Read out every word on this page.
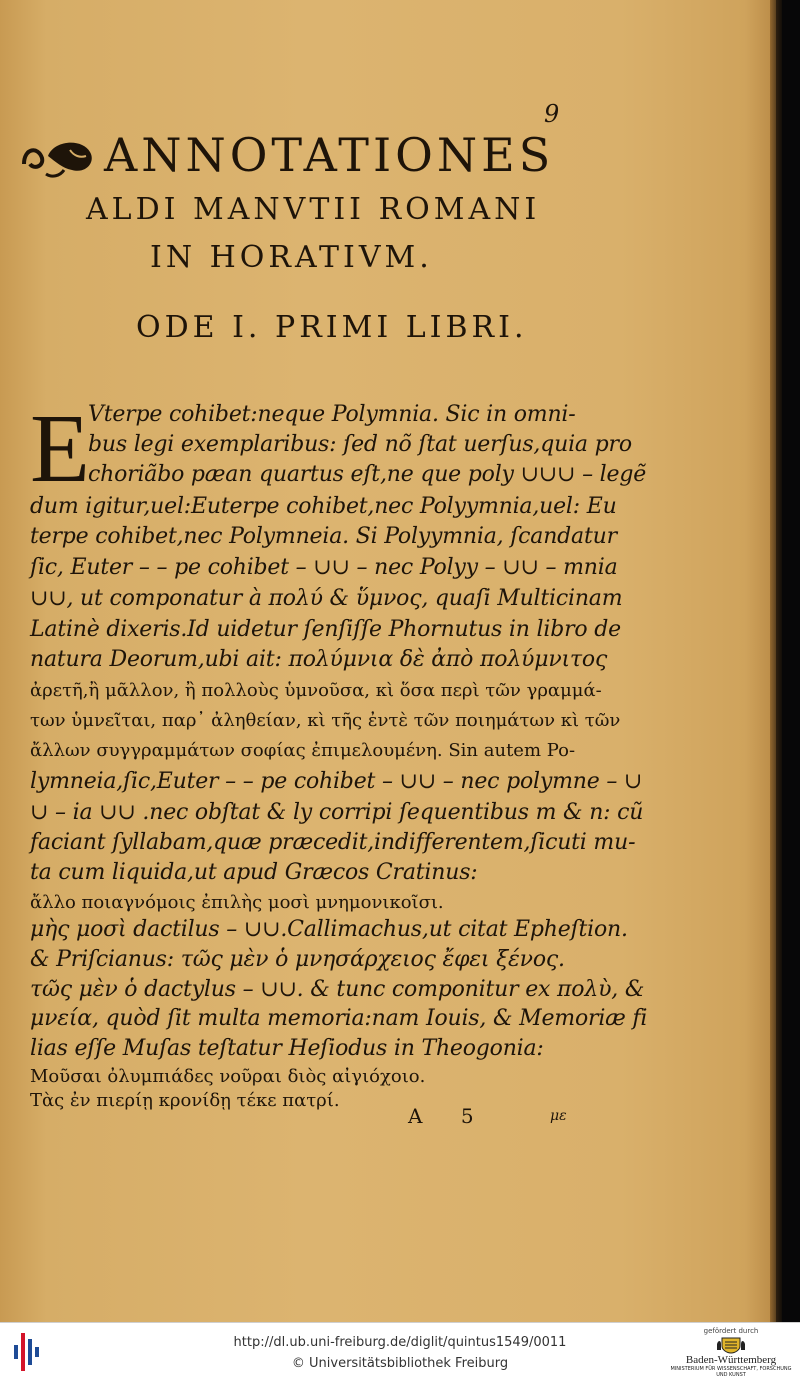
9
ANNOTATIONES
ALDI MANVTII ROMANI
IN HORATIVM.
ODE I. PRIMI LIBRI.
E
Vterpe cohibet:neque Polymnia. Sic in omni-
bus legi exemplaribus: ſed nõ ſtat uerſus,quia pro
choriãbo pæan quartus eſt,ne que poly ∪∪∪ – legẽ
dum igitur,uel:Euterpe cohibet,nec Polyymnia,uel: Eu
terpe cohibet,nec Polymneia. Si Polyymnia, ſcandatur
ſic, Euter – – pe cohibet – ∪∪ – nec Polyy – ∪∪ – mnia
∪∪, ut componatur à πολύ & ὕμνος, quaſi Multicinam
Latinè dixeris.Id uidetur ſenſiſſe Phornutus in libro de
natura Deorum,ubi ait: πολύμνια δὲ ἀπὸ πολύμνιτος
ἀρετῆ,ἢ μᾶλλον, ἢ πολλοὺς ὑμνοῦσα, κὶ ὅσα περὶ τῶν γραμμά-
των ὑμνεῖται, παρ᾽ ἀληθείαν, κὶ τῆς ἐντὲ τῶν ποιημάτων κὶ τῶν
ἄλλων συγγραμμάτων σοφίας ἐπιμελουμένη. Sin autem Po-
lymneia,ſic,Euter – – pe cohibet – ∪∪ – nec polymne – ∪
∪ – ia ∪∪ .nec obſtat & ly corripi ſequentibus m & n: cũ
faciant ſyllabam,quæ præcedit,indifferentem,ſicuti mu-
ta cum liquida,ut apud Græcos Cratinus:
ἄλλο ποιαγνόμοις ἐπιλὴς μοσὶ μνημονικοῖσι.
μὴς μοσὶ dactilus – ∪∪.Callimachus,ut citat Epheſtion.
& Priſcianus: τῶς μὲν ὁ μνησάρχειος ἔφει ξένος.
τῶς μὲν ὁ dactylus – ∪∪. & tunc componitur ex πολὺ, &
μνεία, quòd ſit multa memoria:nam Iouis, & Memoriæ fi
lias eſſe Muſas teſtatur Heſiodus in Theogonia:
Μοῦσαι ὀλυμπιάδες νοῦραι διὸς αἰγιόχοιο.
Τὰς ἐν πιερίῃ κρονίδῃ τέκε πατρί.
A 5	με
http://dl.ub.uni-freiburg.de/diglit/quintus1549/0011
© Universitätsbibliothek Freiburg
gefördert durch
Baden-Württemberg
MINISTERIUM FÜR WISSENSCHAFT, FORSCHUNG UND KUNST
